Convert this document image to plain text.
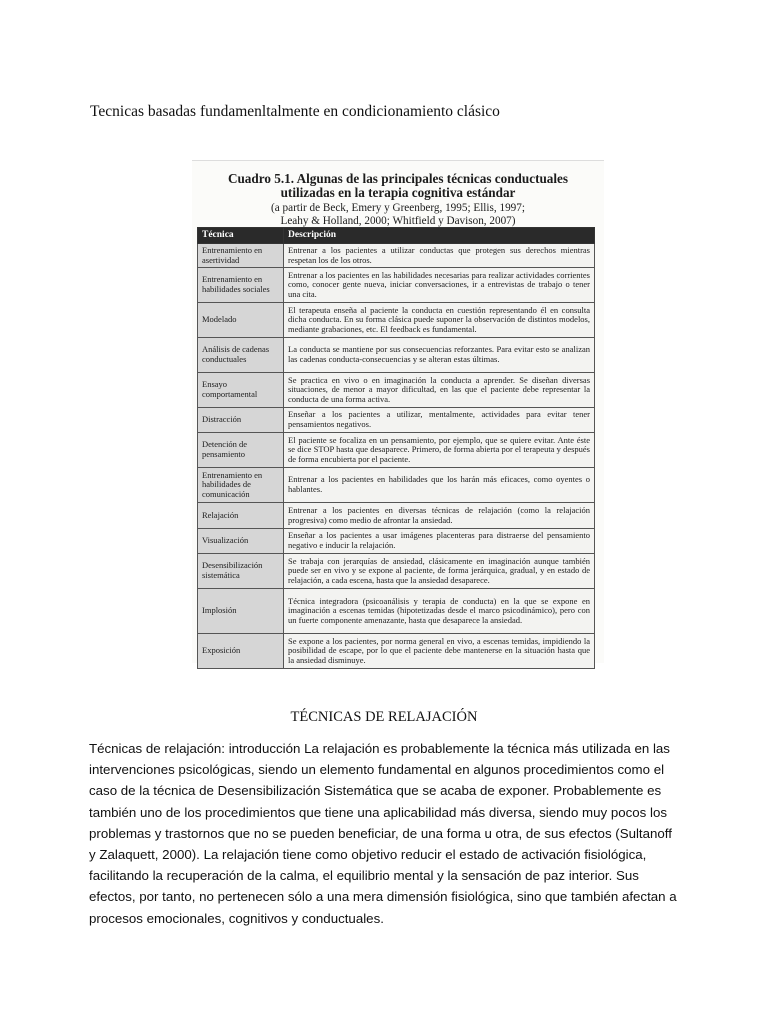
Tecnicas basadas fundamenltalmente en condicionamiento clásico
Cuadro 5.1. Algunas de las principales técnicas conductuales
utilizadas en la terapia cognitiva estándar
(a partir de Beck, Emery y Greenberg, 1995; Ellis, 1997;
Leahy & Holland, 2000; Whitfield y Davison, 2007)
Técnica	Descripción
Entrenamiento en asertividad	Entrenar a los pacientes a utilizar conductas que protegen sus derechos mientras respetan los de los otros.
Entrenamiento en habilidades sociales	Entrenar a los pacientes en las habilidades necesarias para realizar actividades corrientes como, conocer gente nueva, iniciar conversaciones, ir a entrevistas de trabajo o tener una cita.
Modelado	El terapeuta enseña al paciente la conducta en cuestión representando él en consulta dicha conducta. En su forma clásica puede suponer la observación de distintos modelos, mediante grabaciones, etc. El feedback es fundamental.
Análisis de cadenas conductuales	La conducta se mantiene por sus consecuencias reforzantes. Para evitar esto se analizan las cadenas conducta-consecuencias y se alteran estas últimas.
Ensayo comportamental	Se practica en vivo o en imaginación la conducta a aprender. Se diseñan diversas situaciones, de menor a mayor dificultad, en las que el paciente debe representar la conducta de una forma activa.
Distracción	Enseñar a los pacientes a utilizar, mentalmente, actividades para evitar tener pensamientos negativos.
Detención de pensamiento	El paciente se focaliza en un pensamiento, por ejemplo, que se quiere evitar. Ante éste se dice STOP hasta que desaparece. Primero, de forma abierta por el terapeuta y después de forma encubierta por el paciente.
Entrenamiento en habilidades de comunicación	Entrenar a los pacientes en habilidades que los harán más eficaces, como oyentes o hablantes.
Relajación	Entrenar a los pacientes en diversas técnicas de relajación (como la relajación progresiva) como medio de afrontar la ansiedad.
Visualización	Enseñar a los pacientes a usar imágenes placenteras para distraerse del pensamiento negativo e inducir la relajación.
Desensibilización sistemática	Se trabaja con jerarquías de ansiedad, clásicamente en imaginación aunque también puede ser en vivo y se expone al paciente, de forma jerárquica, gradual, y en estado de relajación, a cada escena, hasta que la ansiedad desaparece.
Implosión	Técnica integradora (psicoanálisis y terapia de conducta) en la que se expone en imaginación a escenas temidas (hipotetizadas desde el marco psicodinámico), pero con un fuerte componente amenazante, hasta que desaparece la ansiedad.
Exposición	Se expone a los pacientes, por norma general en vivo, a escenas temidas, impidiendo la posibilidad de escape, por lo que el paciente debe mantenerse en la situación hasta que la ansiedad disminuye.
TÉCNICAS DE RELAJACIÓN

Técnicas de relajación: introducción La relajación es probablemente la técnica más utilizada en las intervenciones psicológicas, siendo un elemento fundamental en algunos procedimientos como el caso de la técnica de Desensibilización Sistemática que se acaba de exponer. Probablemente es también uno de los procedimientos que tiene una aplicabilidad más diversa, siendo muy pocos los problemas y trastornos que no se pueden beneficiar, de una forma u otra, de sus efectos (Sultanoff y Zalaquett, 2000). La relajación tiene como objetivo reducir el estado de activación fisiológica, facilitando la recuperación de la calma, el equilibrio mental y la sensación de paz interior. Sus efectos, por tanto, no pertenecen sólo a una mera dimensión fisiológica, sino que también afectan a procesos emocionales, cognitivos y conductuales.
